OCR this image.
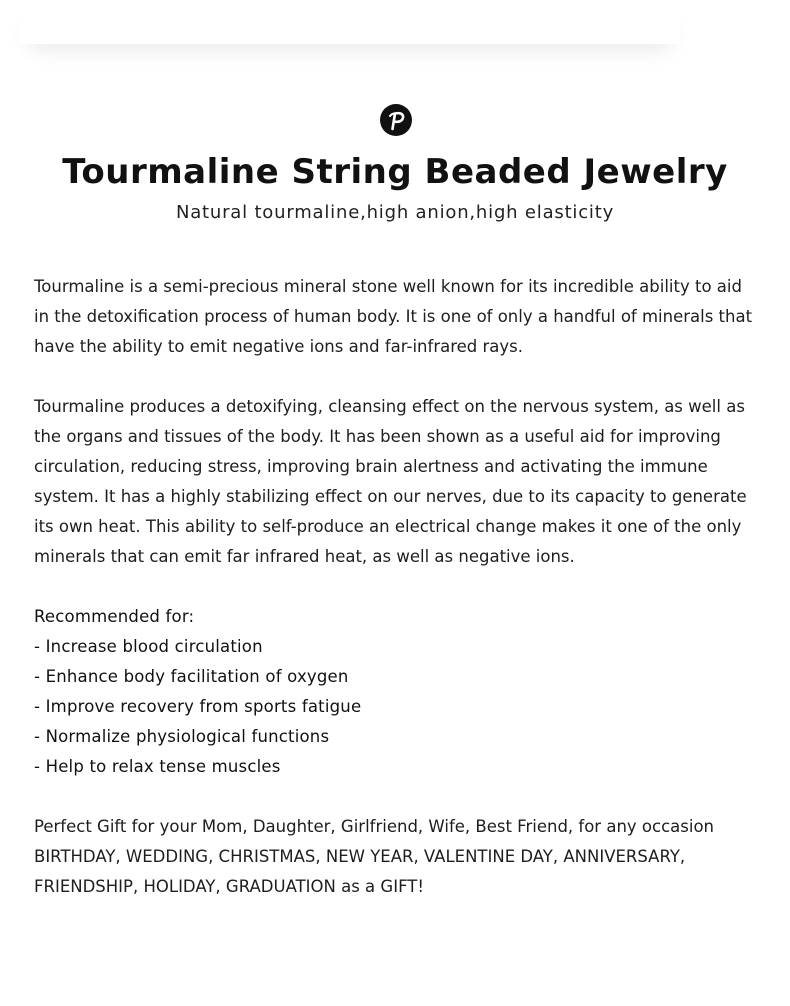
Tourmaline String Beaded Jewelry
Natural tourmaline,high anion,high elasticity

Tourmaline is a semi-precious mineral stone well known for its incredible ability to aid

in the detoxification process of human body. It is one of only a handful of minerals that

have the ability to emit negative ions and far-infrared rays.

Tourmaline produces a detoxifying, cleansing effect on the nervous system, as well as

the organs and tissues of the body. It has been shown as a useful aid for improving

circulation, reducing stress, improving brain alertness and activating the immune

system. It has a highly stabilizing effect on our nerves, due to its capacity to generate

its own heat. This ability to self-produce an electrical change makes it one of the only

minerals that can emit far infrared heat, as well as negative ions.

Recommended for:

- Increase blood circulation

- Enhance body facilitation of oxygen

- Improve recovery from sports fatigue

- Normalize physiological functions

- Help to relax tense muscles

Perfect Gift for your Mom, Daughter, Girlfriend, Wife, Best Friend, for any occasion

BIRTHDAY, WEDDING, CHRISTMAS, NEW YEAR, VALENTINE DAY, ANNIVERSARY,

FRIENDSHIP, HOLIDAY, GRADUATION as a GIFT!
